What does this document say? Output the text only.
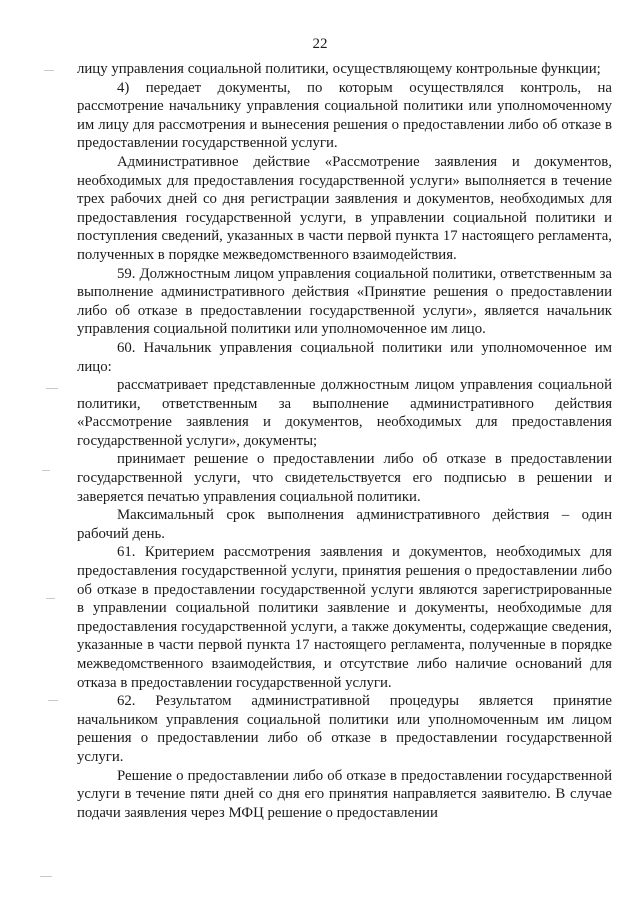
22

лицу управления социальной политики, осуществляющему контрольные функции;

4) передает документы, по которым осуществлялся контроль, на рассмотрение начальнику управления социальной политики или уполномоченному им лицу для рассмотрения и вынесения решения о предоставлении либо об отказе в предоставлении государственной услуги.

Административное действие «Рассмотрение заявления и документов, необходимых для предоставления государственной услуги» выполняется в течение трех рабочих дней со дня регистрации заявления и документов, необходимых для предоставления государственной услуги, в управлении социальной политики и поступления сведений, указанных в части первой пункта 17 настоящего регламента, полученных в порядке межведомственного взаимодействия.

59. Должностным лицом управления социальной политики, ответственным за выполнение административного действия «Принятие решения о предоставлении либо об отказе в предоставлении государственной услуги», является начальник управления социальной политики или уполномоченное им лицо.

60. Начальник управления социальной политики или уполномоченное им лицо:

рассматривает представленные должностным лицом управления социальной политики, ответственным за выполнение административного действия «Рассмотрение заявления и документов, необходимых для предоставления государственной услуги», документы;

принимает решение о предоставлении либо об отказе в предоставлении государственной услуги, что свидетельствуется его подписью в решении и заверяется печатью управления социальной политики.

Максимальный срок выполнения административного действия – один рабочий день.

61. Критерием рассмотрения заявления и документов, необходимых для предоставления государственной услуги, принятия решения о предоставлении либо об отказе в предоставлении государственной услуги являются зарегистрированные в управлении социальной политики заявление и документы, необходимые для предоставления государственной услуги, а также документы, содержащие сведения, указанные в части первой пункта 17 настоящего регламента, полученные в порядке межведомственного взаимодействия, и отсутствие либо наличие оснований для отказа в предоставлении государственной услуги.

62. Результатом административной процедуры является принятие начальником управления социальной политики или уполномоченным им лицом решения о предоставлении либо об отказе в предоставлении государственной услуги.

Решение о предоставлении либо об отказе в предоставлении государственной услуги в течение пяти дней со дня его принятия направляется заявителю. В случае подачи заявления через МФЦ решение о предоставлении
